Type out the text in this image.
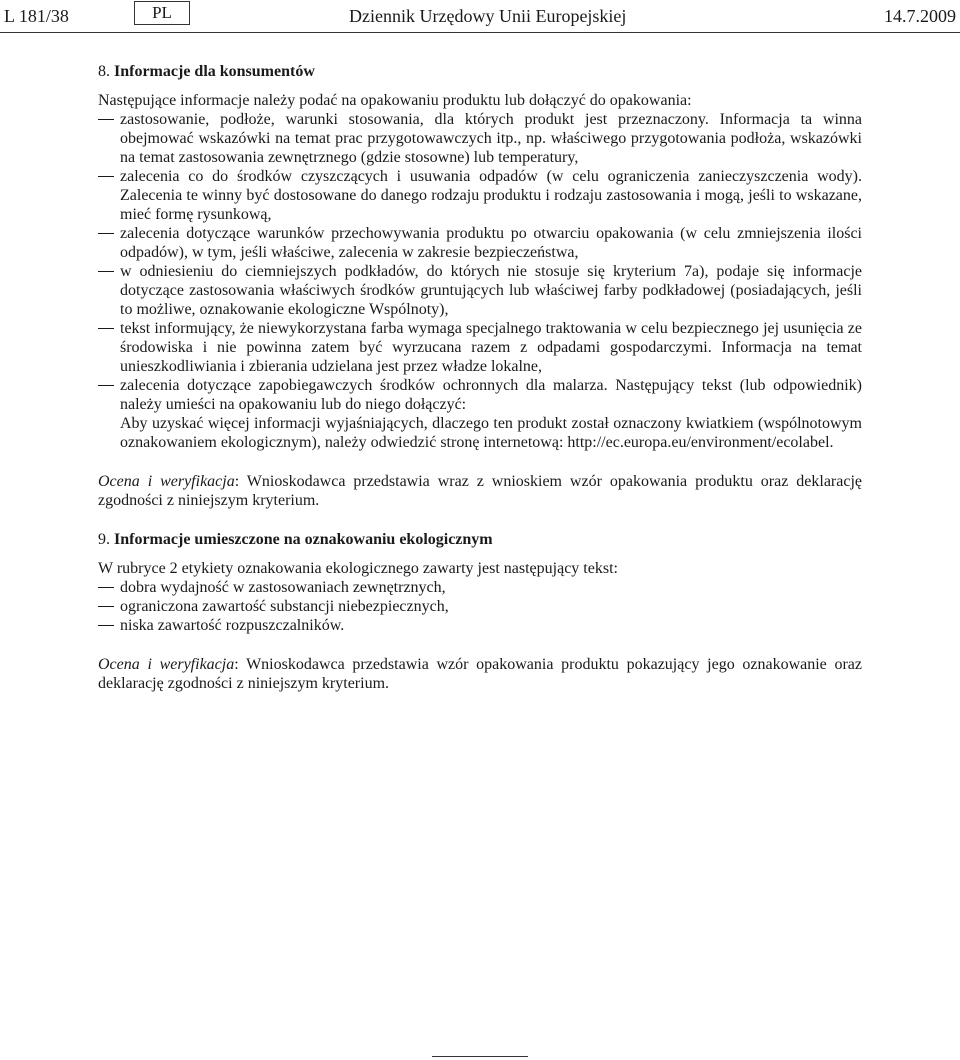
L 181/38	PL	Dziennik Urzędowy Unii Europejskiej	14.7.2009

8. Informacje dla konsumentów

Następujące informacje należy podać na opakowaniu produktu lub dołączyć do opakowania:

zastosowanie, podłoże, warunki stosowania, dla których produkt jest przeznaczony. Informacja ta winna obejmować wskazówki na temat prac przygotowawczych itp., np. właściwego przygotowania podłoża, wskazówki na temat zastosowania zewnętrznego (gdzie stosowne) lub temperatury,
zalecenia co do środków czyszczących i usuwania odpadów (w celu ograniczenia zanieczyszczenia wody). Zalecenia te winny być dostosowane do danego rodzaju produktu i rodzaju zastosowania i mogą, jeśli to wskazane, mieć formę rysunkową,
zalecenia dotyczące warunków przechowywania produktu po otwarciu opakowania (w celu zmniejszenia ilości odpadów), w tym, jeśli właściwe, zalecenia w zakresie bezpieczeństwa,
w odniesieniu do ciemniejszych podkładów, do których nie stosuje się kryterium 7a), podaje się informacje dotyczące zastosowania właściwych środków gruntujących lub właściwej farby podkładowej (posiadających, jeśli to możliwe, oznakowanie ekologiczne Wspólnoty),
tekst informujący, że niewykorzystana farba wymaga specjalnego traktowania w celu bezpiecznego jej usunięcia ze środowiska i nie powinna zatem być wyrzucana razem z odpadami gospodarczymi. Informacja na temat unieszkodliwiania i zbierania udzielana jest przez władze lokalne,
zalecenia dotyczące zapobiegawczych środków ochronnych dla malarza. Następujący tekst (lub odpowiednik) należy umieści na opakowaniu lub do niego dołączyć:

Aby uzyskać więcej informacji wyjaśniających, dlaczego ten produkt został oznaczony kwiatkiem (wspólnotowym oznakowaniem ekologicznym), należy odwiedzić stronę internetową: http://ec.europa.eu/environment/ecolabel.

Ocena i weryfikacja: Wnioskodawca przedstawia wraz z wnioskiem wzór opakowania produktu oraz deklarację zgodności z niniejszym kryterium.

9. Informacje umieszczone na oznakowaniu ekologicznym

W rubryce 2 etykiety oznakowania ekologicznego zawarty jest następujący tekst:

dobra wydajność w zastosowaniach zewnętrznych,
ograniczona zawartość substancji niebezpiecznych,
niska zawartość rozpuszczalników.

Ocena i weryfikacja: Wnioskodawca przedstawia wzór opakowania produktu pokazujący jego oznakowanie oraz deklarację zgodności z niniejszym kryterium.
